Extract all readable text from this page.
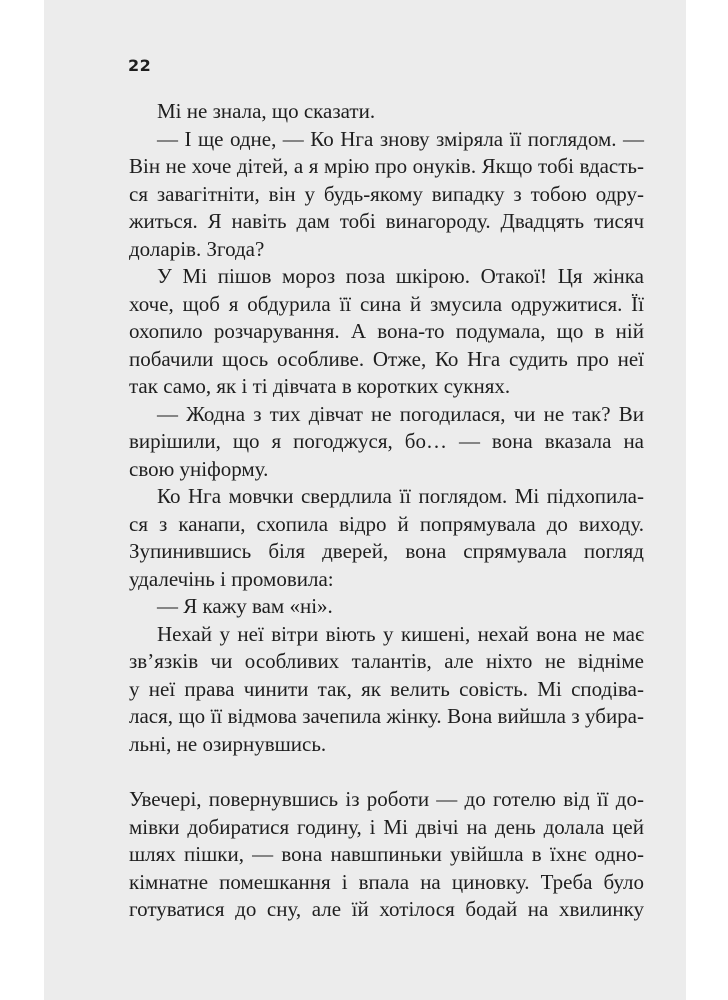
22
Мі не знала, що сказати.
— І ще одне, — Ко Нга знову зміряла її поглядом. —
Він не хоче дітей, а я мрію про онуків. Якщо тобі вдасть-
ся завагітніти, він у будь-якому випадку з тобою одру-
житься. Я навіть дам тобі винагороду. Двадцять тисяч
доларів. Згода?
У Мі пішов мороз поза шкірою. Отакої! Ця жінка
хоче, щоб я обдурила її сина й змусила одружитися. Її
охопило розчарування. А вона-то подумала, що в ній
побачили щось особливе. Отже, Ко Нга судить про неї
так само, як і ті дівчата в коротких сукнях.
— Жодна з тих дівчат не погодилася, чи не так? Ви
вирішили, що я погоджуся, бо… — вона вказала на
свою уніформу.
Ко Нга мовчки свердлила її поглядом. Мі підхопила-
ся з канапи, схопила відро й попрямувала до виходу.
Зупинившись біля дверей, вона спрямувала погляд
удалечінь і промовила:
— Я кажу вам «ні».
Нехай у неї вітри віють у кишені, нехай вона не має
зв’язків чи особливих талантів, але ніхто не відніме
у неї права чинити так, як велить совість. Мі сподіва-
лася, що її відмова зачепила жінку. Вона вийшла з убира-
льні, не озирнувшись.
Увечері, повернувшись із роботи — до готелю від її до-
мівки добиратися годину, і Мі двічі на день долала цей
шлях пішки, — вона навшпиньки увійшла в їхнє одно-
кімнатне помешкання і впала на циновку. Треба було
готуватися до сну, але їй хотілося бодай на хвилинку
